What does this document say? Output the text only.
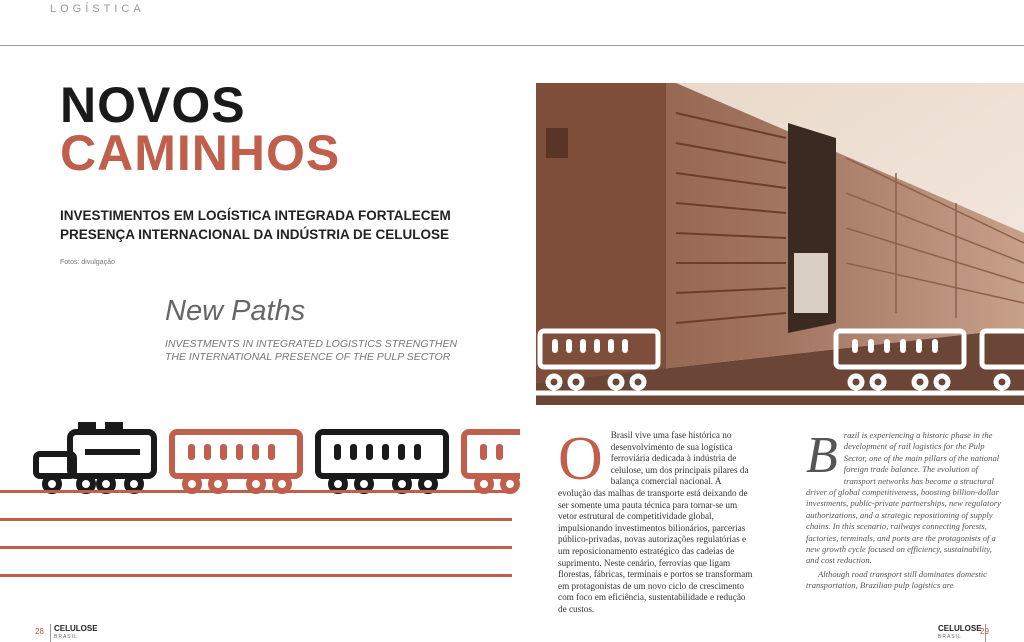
LOGÍSTICA
NOVOS
CAMINHOS
INVESTIMENTOS EM LOGÍSTICA INTEGRADA FORTALECEM
PRESENÇA INTERNACIONAL DA INDÚSTRIA DE CELULOSE
Fotos: divulgação
New Paths
INVESTMENTS IN INTEGRATED LOGISTICS STRENGTHEN
THE INTERNATIONAL PRESENCE OF THE PULP SECTOR
O Brasil vive uma fase histórica no desenvolvimento de sua logística ferroviária dedicada à indústria de celulose, um dos principais pilares da balança comercial nacional. A evolução das malhas de transporte está deixando de ser somente uma pauta técnica para tornar-se um vetor estrutural de competitividade global, impulsionando investimentos bilionários, parcerias público-privadas, novas autorizações regulatórias e um reposicionamento estratégico das cadeias de suprimento. Neste cenário, ferrovias que ligam florestas, fábricas, terminais e portos se transformam em protagonistas de um novo ciclo de crescimento com foco em eficiência, sustentabilidade e redução de custos.

B razil is experiencing a historic phase in the development of rail logistics for the Pulp Sector, one of the main pillars of the national foreign trade balance. The evolution of transport networks has become a structural driver of global competitiveness, boosting billion-dollar investments, public-private partnerships, new regulatory authorizations, and a strategic repositioning of supply chains. In this scenario, railways connecting forests, factories, terminals, and ports are the protagonists of a new growth cycle focused on efficiency, sustainability, and cost reduction.

Although road transport still dominates domestic transportation, Brazilian pulp logistics are

28	CELULOSE
BRASIL
CELULOSE
BRASIL
29
